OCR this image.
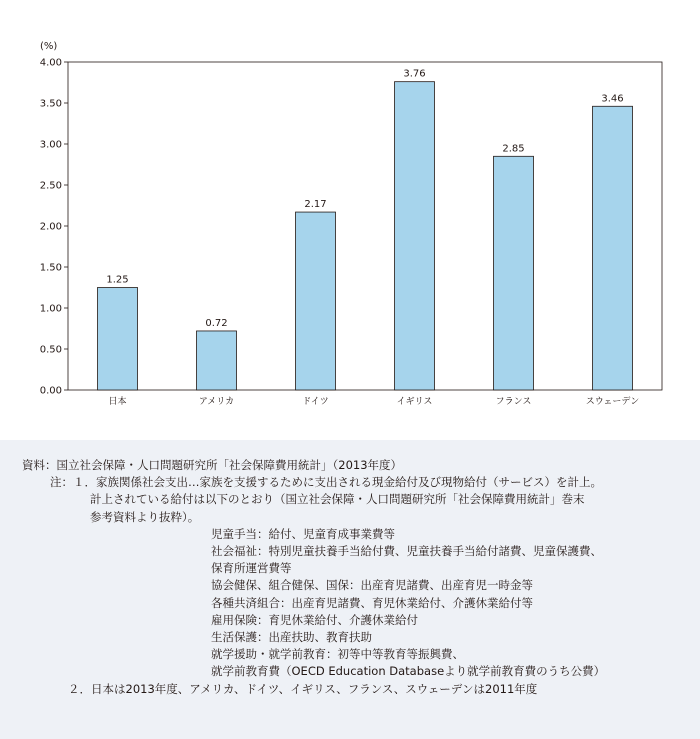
(%)
0.00
0.50
1.00
1.50
2.00
2.50
3.00
3.50
4.00
1.25
0.72
2.17
3.76
2.85
3.46
日本	アメリカ	ドイツ	イギリス	フランス	スウェーデン
資料：国立社会保障・人口問題研究所「社会保障費用統計」（2013年度）
注：１．家族関係社会支出…家族を支援するために支出される現金給付及び現物給付（サービス）を計上。
計上されている給付は以下のとおり（国立社会保障・人口問題研究所「社会保障費用統計」巻末
参考資料より抜粋）。
児童手当：給付、児童育成事業費等
社会福祉：特別児童扶養手当給付費、児童扶養手当給付諸費、児童保護費、
保育所運営費等
協会健保、組合健保、国保：出産育児諸費、出産育児一時金等
各種共済組合：出産育児諸費、育児休業給付、介護休業給付等
雇用保険：育児休業給付、介護休業給付
生活保護：出産扶助、教育扶助
就学援助・就学前教育：初等中等教育等振興費、
就学前教育費（OECD Education Databaseより就学前教育費のうち公費）
２．日本は2013年度、アメリカ、ドイツ、イギリス、フランス、スウェーデンは2011年度
